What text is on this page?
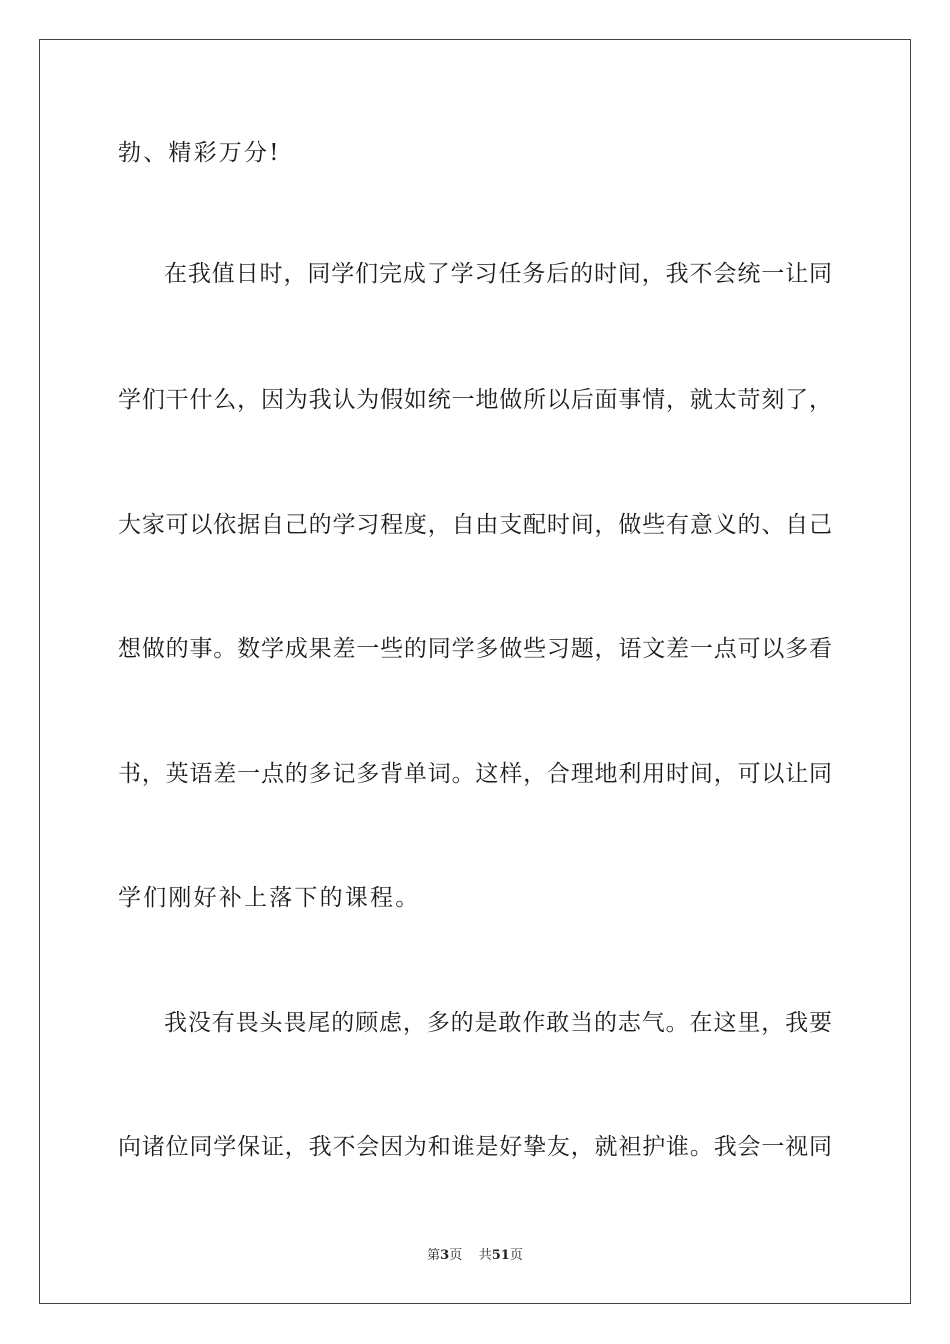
勃、精彩万分!
在我值日时，同学们完成了学习任务后的时间，我不会统一让同
学们干什么，因为我认为假如统一地做所以后面事情，就太苛刻了，
大家可以依据自己的学习程度，自由支配时间，做些有意义的、自己
想做的事。数学成果差一些的同学多做些习题，语文差一点可以多看
书，英语差一点的多记多背单词。这样，合理地利用时间，可以让同
学们刚好补上落下的课程。
我没有畏头畏尾的顾虑，多的是敢作敢当的志气。在这里，我要
向诸位同学保证，我不会因为和谁是好挚友，就袒护谁。我会一视同
第3页 共51页
